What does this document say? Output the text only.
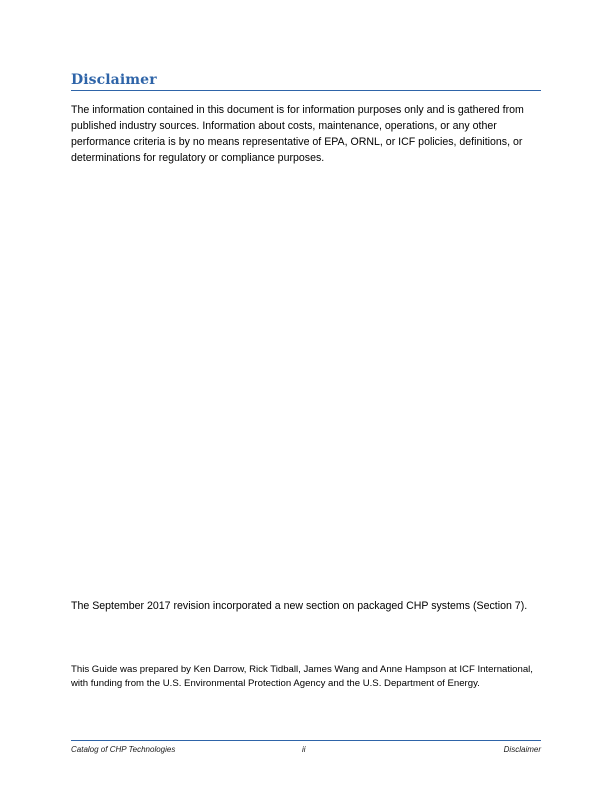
Disclaimer

The information contained in this document is for information purposes only and is gathered from published industry sources. Information about costs, maintenance, operations, or any other performance criteria is by no means representative of EPA, ORNL, or ICF policies, definitions, or determinations for regulatory or compliance purposes.

The September 2017 revision incorporated a new section on packaged CHP systems (Section 7).

This Guide was prepared by Ken Darrow, Rick Tidball, James Wang and Anne Hampson at ICF International, with funding from the U.S. Environmental Protection Agency and the U.S. Department of Energy.

Catalog of CHP Technologies	ii	Disclaimer
